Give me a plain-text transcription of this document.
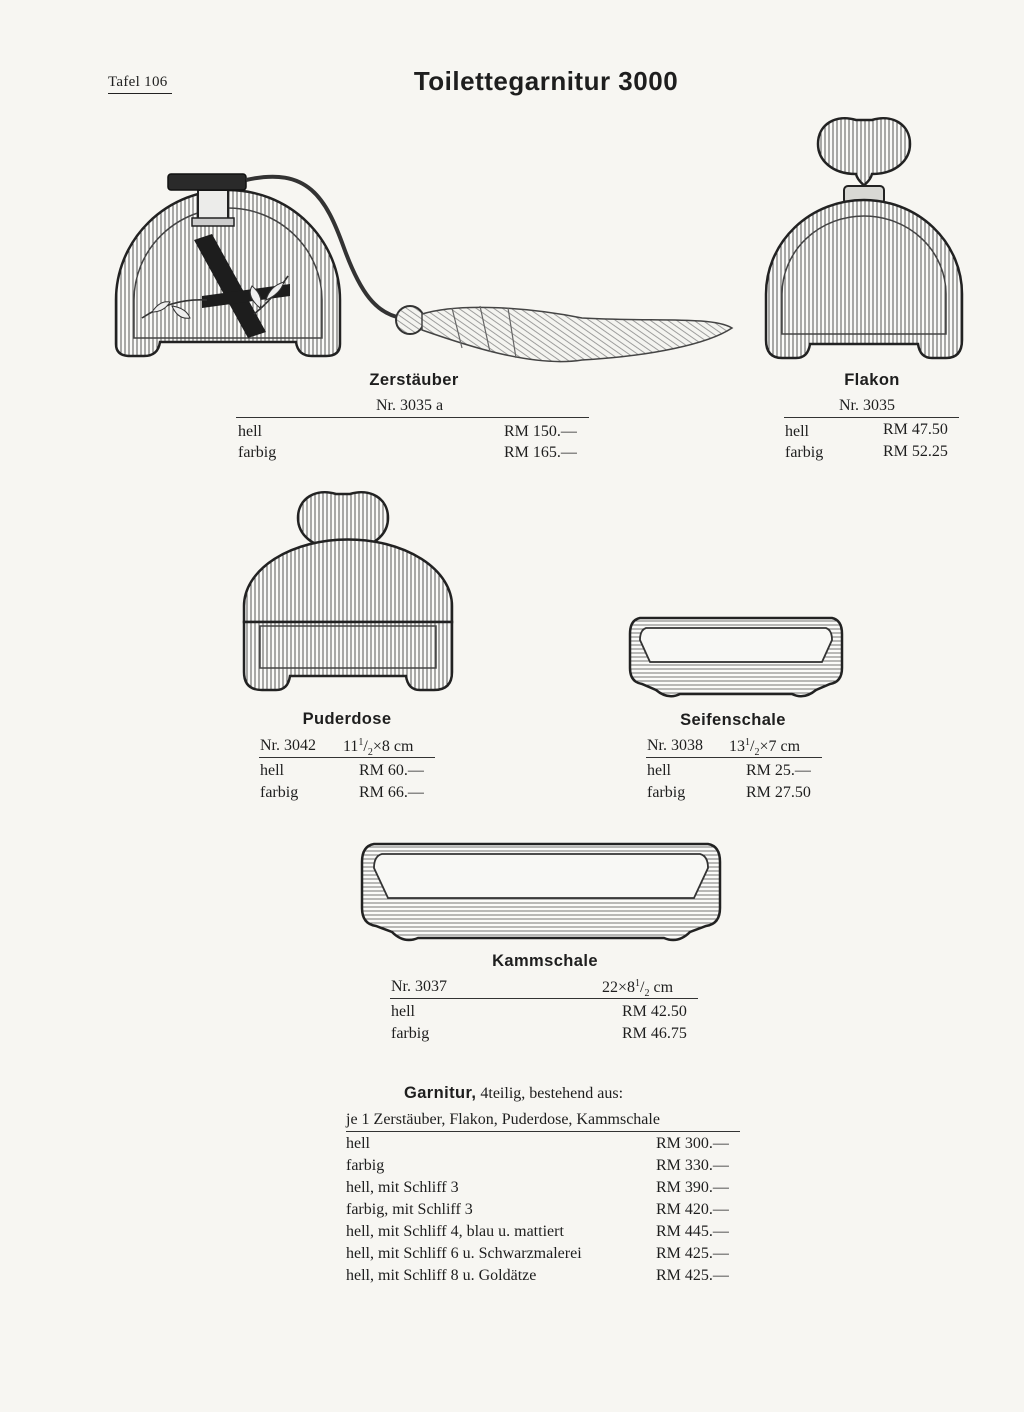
Tafel 106	Toilettegarnitur 3000
Zerstäuber
Nr. 3035 a
hell	RM 150.—
farbig	RM 165.—
Flakon
Nr. 3035
hell	RM 47.50
farbig	RM 52.25
Puderdose
Nr. 3042 $11^1/_2\times 8$ cm
hell	RM 60.—
farbig	RM 66.—
Seifenschale
Nr. 3038 $13^1/_2\times 7$ cm
hell	RM 25.—
farbig	RM 27.50
Kammschale
Nr. 3037	$22\times 8^1/_2$ cm
hell	RM 42.50
farbig	RM 46.75
Garnitur, 4teilig, bestehend aus:
je 1 Zerstäuber, Flakon, Puderdose, Kammschale
hell	RM 300.—
farbig	RM 330.—
hell, mit Schliff 3	RM 390.—
farbig, mit Schliff 3	RM 420.—
hell, mit Schliff 4, blau u. mattiert	RM 445.—
hell, mit Schliff 6 u. Schwarzmalerei	RM 425.—
hell, mit Schliff 8 u. Goldätze	RM 425.—
